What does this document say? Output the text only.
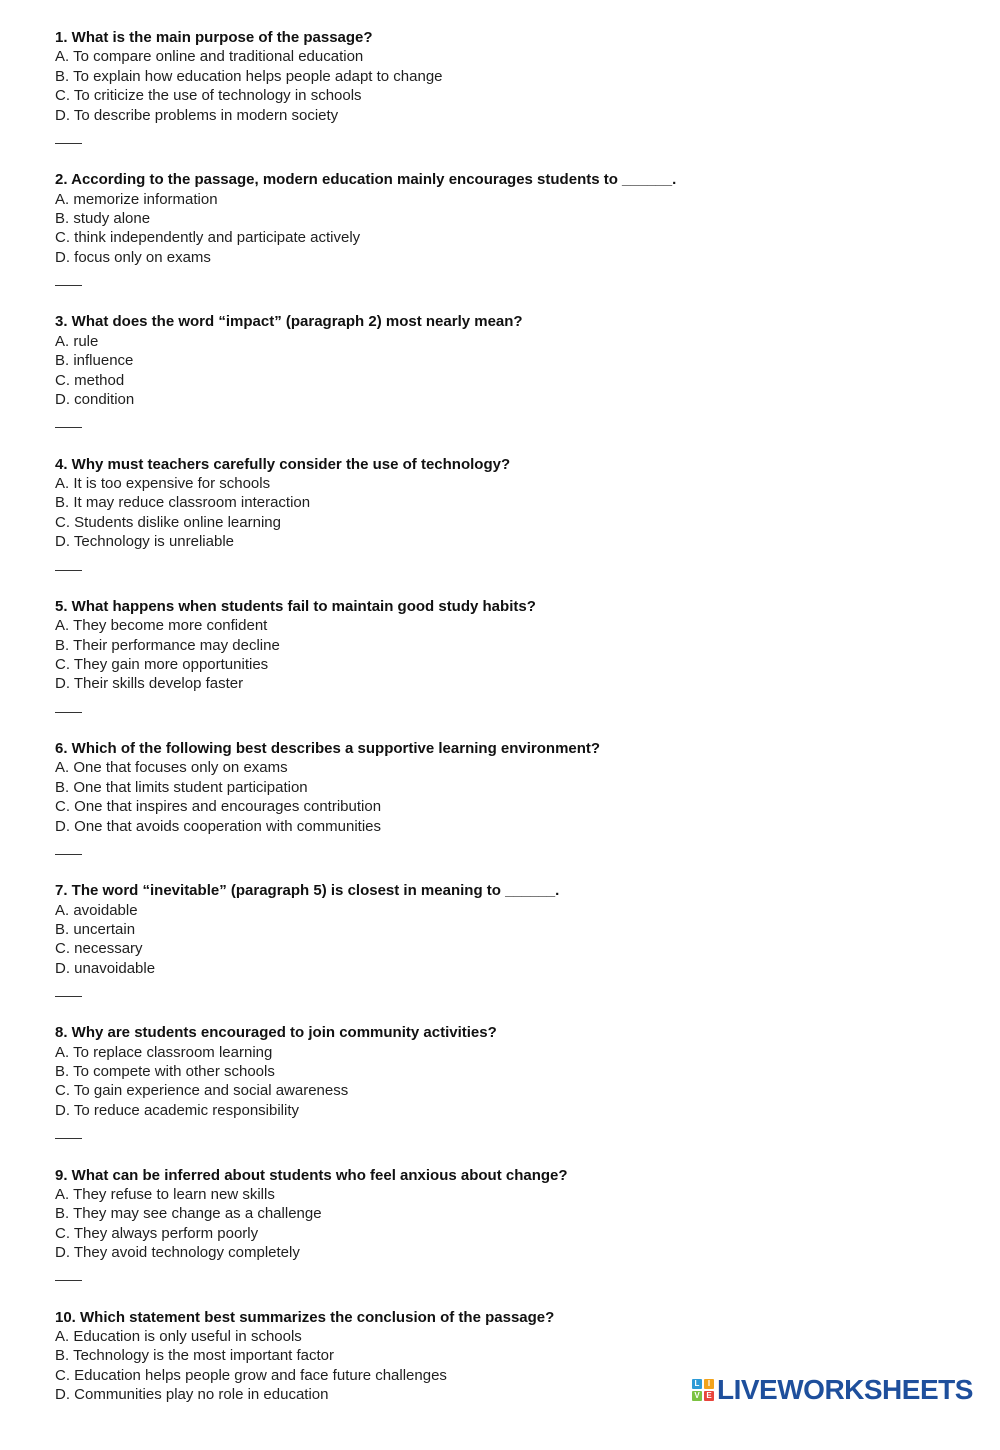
1. What is the main purpose of the passage?
A. To compare online and traditional education
B. To explain how education helps people adapt to change
C. To criticize the use of technology in schools
D. To describe problems in modern society
2. According to the passage, modern education mainly encourages students to ______.
A. memorize information
B. study alone
C. think independently and participate actively
D. focus only on exams
3. What does the word “impact” (paragraph 2) most nearly mean?
A. rule
B. influence
C. method
D. condition
4. Why must teachers carefully consider the use of technology?
A. It is too expensive for schools
B. It may reduce classroom interaction
C. Students dislike online learning
D. Technology is unreliable
5. What happens when students fail to maintain good study habits?
A. They become more confident
B. Their performance may decline
C. They gain more opportunities
D. Their skills develop faster
6. Which of the following best describes a supportive learning environment?
A. One that focuses only on exams
B. One that limits student participation
C. One that inspires and encourages contribution
D. One that avoids cooperation with communities
7. The word “inevitable” (paragraph 5) is closest in meaning to ______.
A. avoidable
B. uncertain
C. necessary
D. unavoidable
8. Why are students encouraged to join community activities?
A. To replace classroom learning
B. To compete with other schools
C. To gain experience and social awareness
D. To reduce academic responsibility
9. What can be inferred about students who feel anxious about change?
A. They refuse to learn new skills
B. They may see change as a challenge
C. They always perform poorly
D. They avoid technology completely
10. Which statement best summarizes the conclusion of the passage?
A. Education is only useful in schools
B. Technology is the most important factor
C. Education helps people grow and face future challenges
D. Communities play no role in education
L	I
V E LIVEWORKSHEETS
